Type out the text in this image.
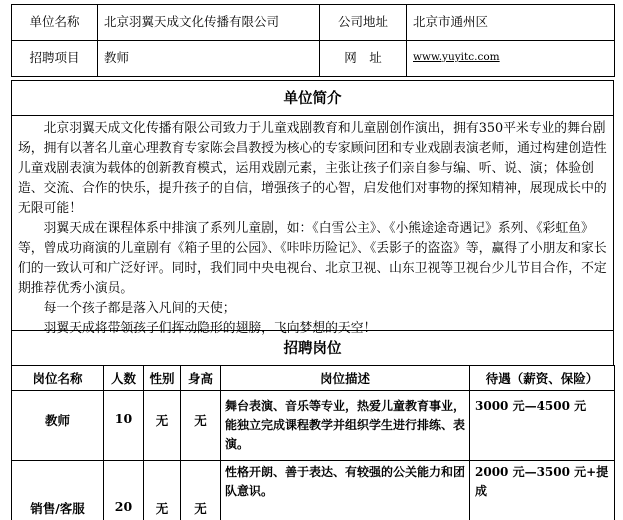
单位名称	北京羽翼天成文化传播有限公司	公司地址	北京市通州区
招聘项目	教师	网　址	www.yuyitc.com
单位简介

北京羽翼天成文化传播有限公司致力于儿童戏剧教育和儿童剧创作演出，拥有350平米专业的舞台剧场，拥有以著名儿童心理教育专家陈会昌教授为核心的专家顾问团和专业戏剧表演老师，通过构建创造性儿童戏剧表演为载体的创新教育模式，运用戏剧元素，主张让孩子们亲自参与编、听、说、演；体验创造、交流、合作的快乐，提升孩子的自信，增强孩子的心智，启发他们对事物的探知精神，展现成长中的无限可能！

羽翼天成在课程体系中排演了系列儿童剧，如：《白雪公主》、《小熊途途奇遇记》系列、《彩虹鱼》等，曾成功商演的儿童剧有《箱子里的公园》、《咔咔历险记》、《丢影子的盗盗》等，赢得了小朋友和家长们的一致认可和广泛好评。同时，我们同中央电视台、北京卫视、山东卫视等卫视台少儿节目合作，不定期推荐优秀小演员。

每一个孩子都是落入凡间的天使；

羽翼天成将带领孩子们挥动隐形的翅膀，飞向梦想的天空！

招聘岗位
岗位名称	人数	性别	身高	岗位描述	待遇（薪资、保险）
教师	10	无	无	舞台表演、音乐等专业，热爱儿童教育事业，能独立完成课程教学并组织学生进行排练、表演。	3000 元—4500 元
销售/客服	20	无	无	性格开朗、善于表达、有较强的公关能力和团队意识。	2000 元—3500 元+提成
